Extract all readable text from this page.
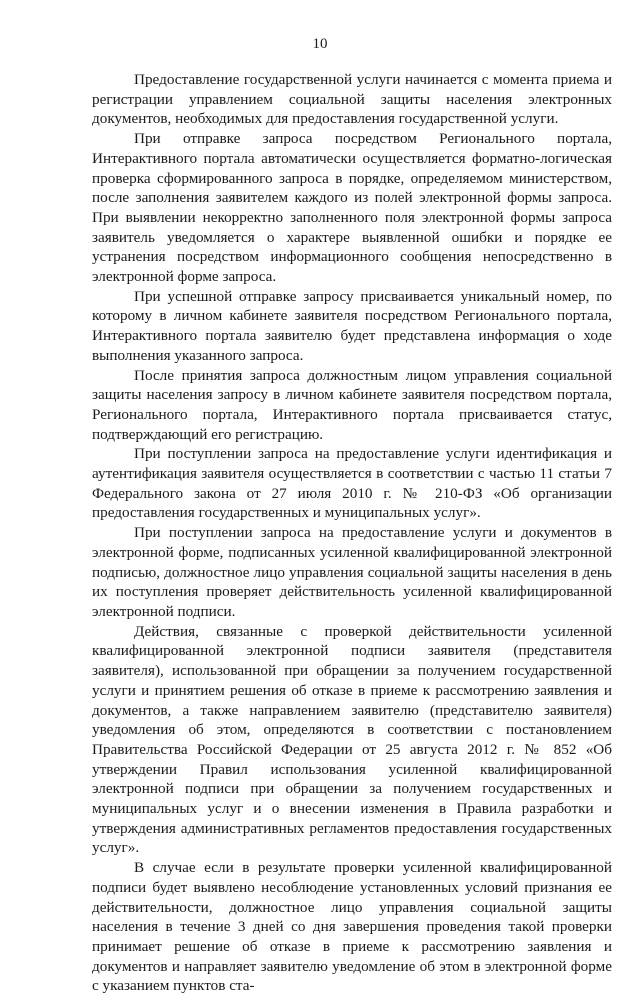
10

Предоставление государственной услуги начинается с момента приема и регистрации управлением социальной защиты населения электронных документов, необходимых для предоставления государственной услуги.

При отправке запроса посредством Регионального портала, Интерактивного портала автоматически осуществляется форматно-логическая проверка сформированного запроса в порядке, определяемом министерством, после заполнения заявителем каждого из полей электронной формы запроса. При выявлении некорректно заполненного поля электронной формы запроса заявитель уведомляется о характере выявленной ошибки и порядке ее устранения посредством информационного сообщения непосредственно в электронной форме запроса.

При успешной отправке запросу присваивается уникальный номер, по которому в личном кабинете заявителя посредством Регионального портала, Интерактивного портала заявителю будет представлена информация о ходе выполнения указанного запроса.

После принятия запроса должностным лицом управления социальной защиты населения запросу в личном кабинете заявителя посредством портала, Регионального портала, Интерактивного портала присваивается статус, подтверждающий его регистрацию.

При поступлении запроса на предоставление услуги идентификация и аутентификация заявителя осуществляется в соответствии с частью 11 статьи 7 Федерального закона от 27 июля 2010 г. № 210-ФЗ «Об организации предоставления государственных и муниципальных услуг».

При поступлении запроса на предоставление услуги и документов в электронной форме, подписанных усиленной квалифицированной электронной подписью, должностное лицо управления социальной защиты населения в день их поступления проверяет действительность усиленной квалифицированной электронной подписи.

Действия, связанные с проверкой действительности усиленной квалифицированной электронной подписи заявителя (представителя заявителя), использованной при обращении за получением государственной услуги и принятием решения об отказе в приеме к рассмотрению заявления и документов, а также направлением заявителю (представителю заявителя) уведомления об этом, определяются в соответствии с постановлением Правительства Российской Федерации от 25 августа 2012 г. № 852 «Об утверждении Правил использования усиленной квалифицированной электронной подписи при обращении за получением государственных и муниципальных услуг и о внесении изменения в Правила разработки и утверждения административных регламентов предоставления государственных услуг».

В случае если в результате проверки усиленной квалифицированной подписи будет выявлено несоблюдение установленных условий признания ее действительности, должностное лицо управления социальной защиты населения в течение 3 дней со дня завершения проведения такой проверки принимает решение об отказе в приеме к рассмотрению заявления и документов и направляет заявителю уведомление об этом в электронной форме с указанием пунктов ста-
